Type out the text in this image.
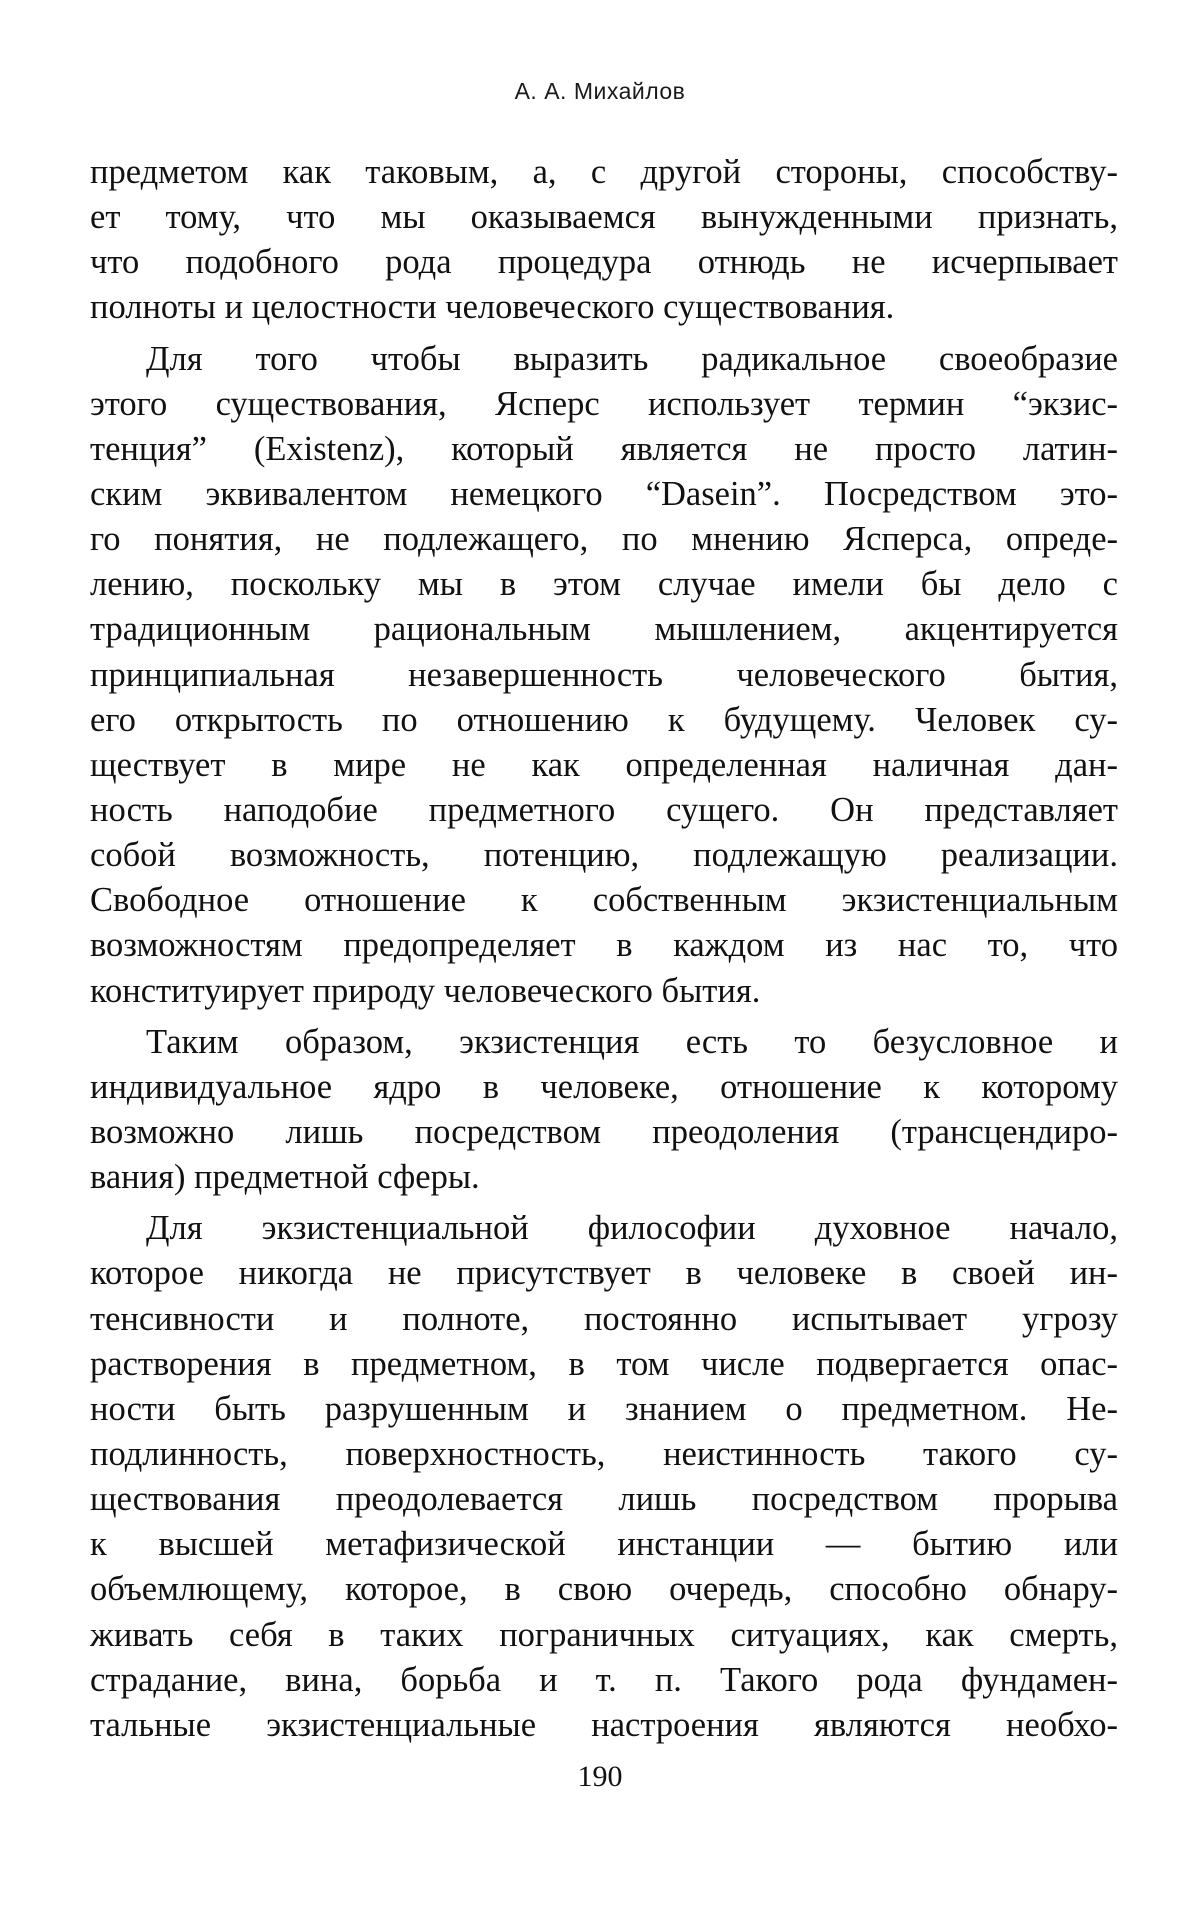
А. А. Михайлов
предметом как таковым, а, с другой стороны, способству-
ет тому, что мы оказываемся вынужденными признать,
что подобного рода процедура отнюдь не исчерпывает
полноты и целостности человеческого существования.
Для того чтобы выразить радикальное своеобразие
этого существования, Ясперс использует термин “экзис-
тенция” (Existenz), который является не просто латин-
ским эквивалентом немецкого “Dasein”. Посредством это-
го понятия, не подлежащего, по мнению Ясперса, опреде-
лению, поскольку мы в этом случае имели бы дело с
традиционным рациональным мышлением, акцентируется
принципиальная незавершенность человеческого бытия,
его открытость по отношению к будущему. Человек су-
ществует в мире не как определенная наличная дан-
ность наподобие предметного сущего. Он представляет
собой возможность, потенцию, подлежащую реализации.
Свободное отношение к собственным экзистенциальным
возможностям предопределяет в каждом из нас то, что
конституирует природу человеческого бытия.
Таким образом, экзистенция есть то безусловное и
индивидуальное ядро в человеке, отношение к которому
возможно лишь посредством преодоления (трансцендиро-
вания) предметной сферы.
Для экзистенциальной философии духовное начало,
которое никогда не присутствует в человеке в своей ин-
тенсивности и полноте, постоянно испытывает угрозу
растворения в предметном, в том числе подвергается опас-
ности быть разрушенным и знанием о предметном. Не-
подлинность, поверхностность, неистинность такого су-
ществования преодолевается лишь посредством прорыва
к высшей метафизической инстанции — бытию или
объемлющему, которое, в свою очередь, способно обнару-
живать себя в таких пограничных ситуациях, как смерть,
страдание, вина, борьба и т. п. Такого рода фундамен-
тальные экзистенциальные настроения являются необхо-
190
